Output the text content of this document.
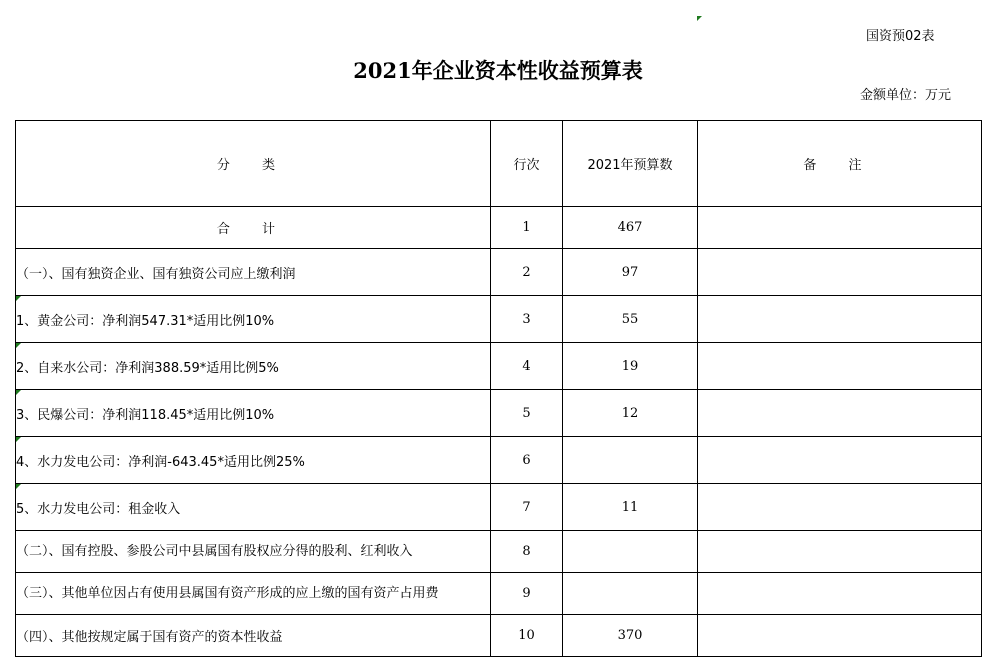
国资预02表
2021年企业资本性收益预算表
金额单位：万元
分 类	行次	2021年预算数	备 注
合 计	1	467	
（一）、国有独资企业、国有独资公司应上缴利润	2	97	
1、黄金公司：净利润547.31*适用比例10%	3	55	
2、自来水公司：净利润388.59*适用比例5%	4	19	
3、民爆公司：净利润118.45*适用比例10%	5	12	
4、水力发电公司：净利润-643.45*适用比例25%	6		
5、水力发电公司：租金收入	7	11	
（二）、国有控股、参股公司中县属国有股权应分得的股利、红利收入	8		
（三）、其他单位因占有使用县属国有资产形成的应上缴的国有资产占用费	9		
（四）、其他按规定属于国有资产的资本性收益	10	370	
